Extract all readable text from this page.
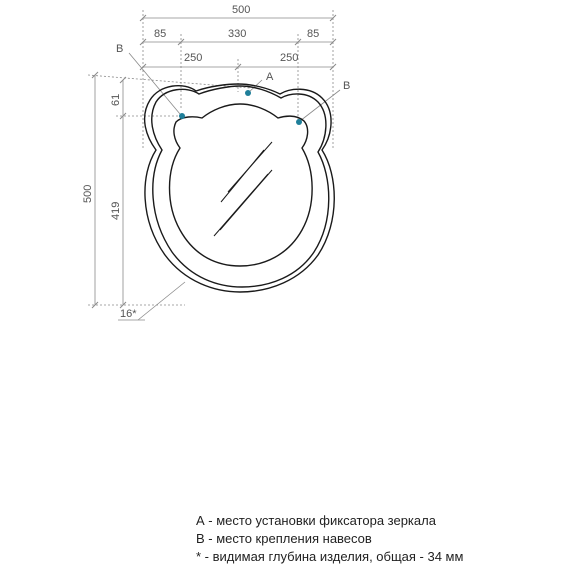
500
85	330	85
250	250
500
61
419
16*
A
B
B
А - место установки фиксатора зеркала
В - место крепления навесов
* - видимая глубина изделия, общая - 34 мм
